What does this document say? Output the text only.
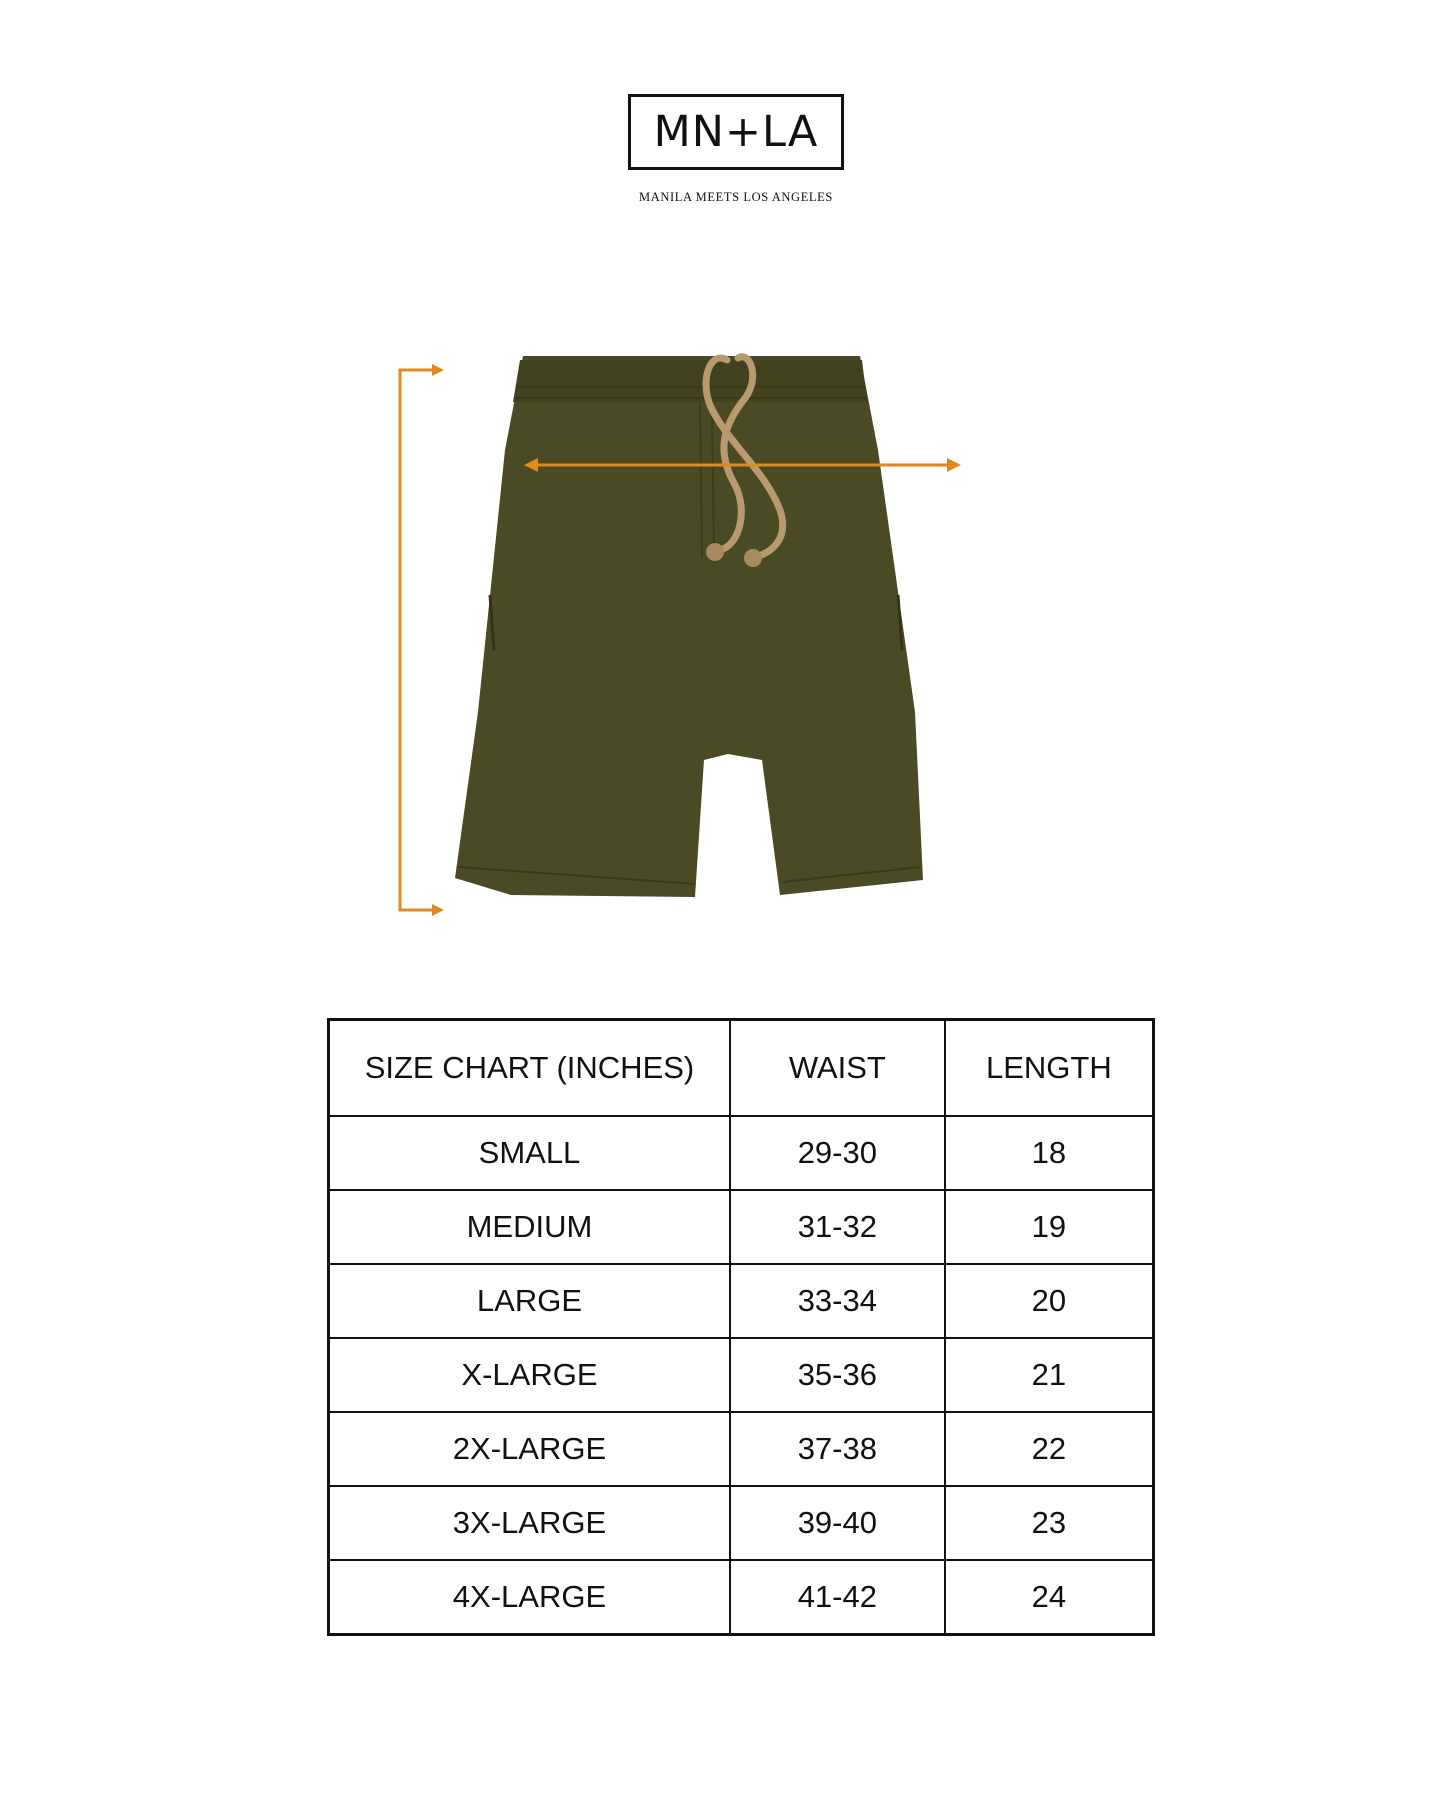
MN+LA
MANILA MEETS LOS ANGELES
SIZE CHART (INCHES)	WAIST	LENGTH
SMALL	29-30	18
MEDIUM	31-32	19
LARGE	33-34	20
X-LARGE	35-36	21
2X-LARGE	37-38	22
3X-LARGE	39-40	23
4X-LARGE	41-42	24
